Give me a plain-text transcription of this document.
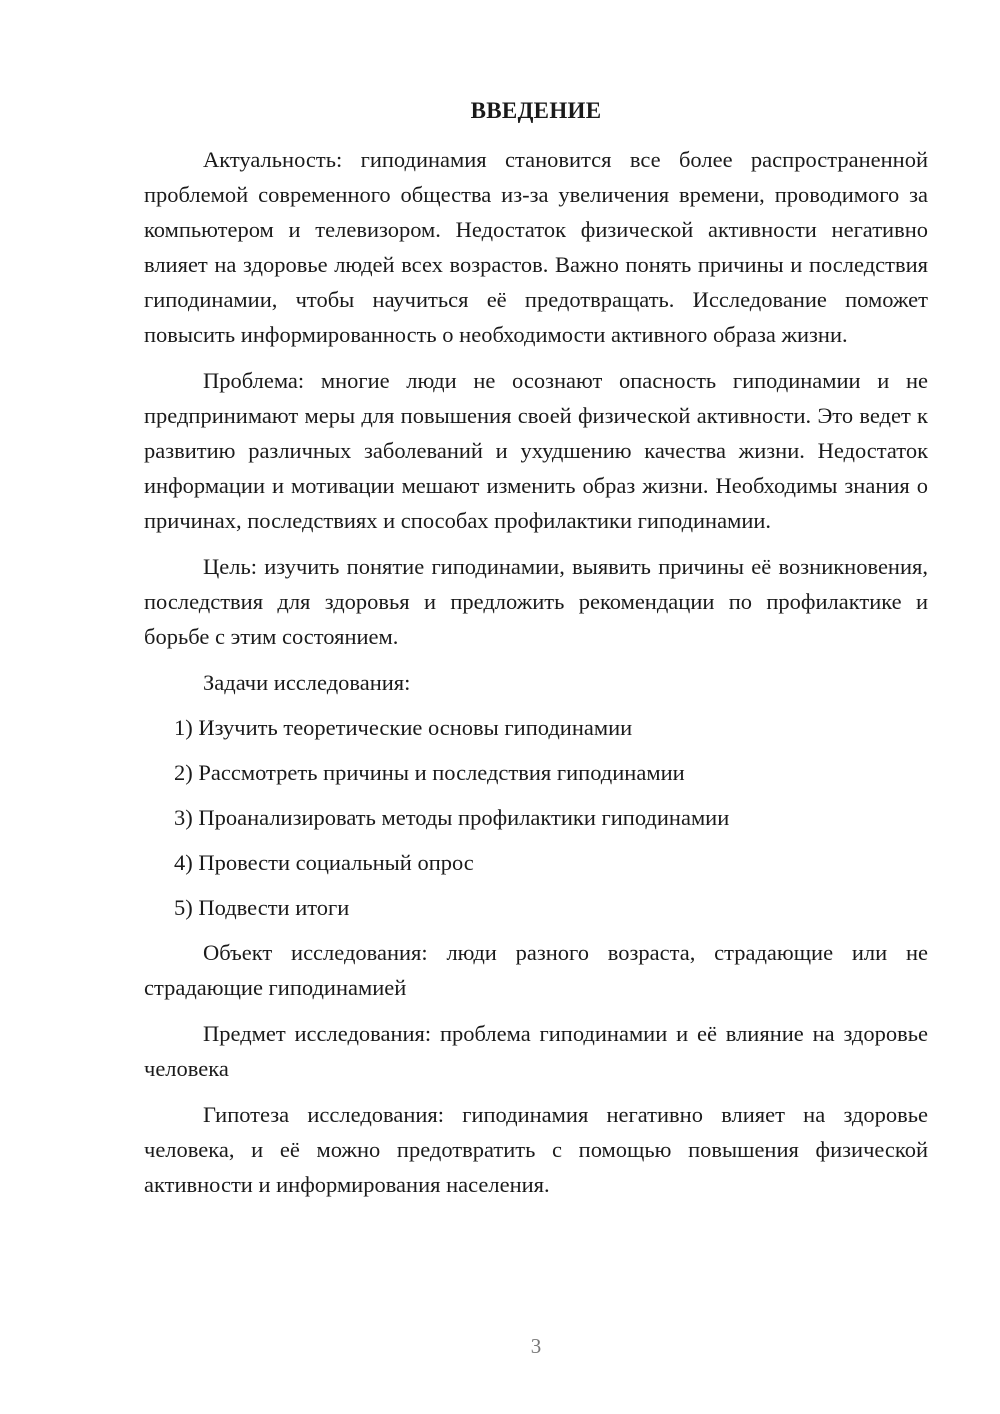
ВВЕДЕНИЕ

Актуальность: гиподинамия становится все более распространенной проблемой современного общества из-за увеличения времени, проводимого за компьютером и телевизором. Недостаток физической активности негативно влияет на здоровье людей всех возрастов. Важно понять причины и последствия гиподинамии, чтобы научиться её предотвращать. Исследование поможет повысить информированность о необходимости активного образа жизни.

Проблема: многие люди не осознают опасность гиподинамии и не предпринимают меры для повышения своей физической активности. Это ведет к развитию различных заболеваний и ухудшению качества жизни. Недостаток информации и мотивации мешают изменить образ жизни. Необходимы знания о причинах, последствиях и способах профилактики гиподинамии.

Цель: изучить понятие гиподинамии, выявить причины её возникновения, последствия для здоровья и предложить рекомендации по профилактике и борьбе с этим состоянием.

Задачи исследования:

1) Изучить теоретические основы гиподинамии
2) Рассмотреть причины и последствия гиподинамии
3) Проанализировать методы профилактики гиподинамии
4) Провести социальный опрос
5) Подвести итоги

Объект исследования: люди разного возраста, страдающие или не страдающие гиподинамией

Предмет исследования: проблема гиподинамии и её влияние на здоровье человека

Гипотеза исследования: гиподинамия негативно влияет на здоровье человека, и её можно предотвратить с помощью повышения физической активности и информирования населения.

3
